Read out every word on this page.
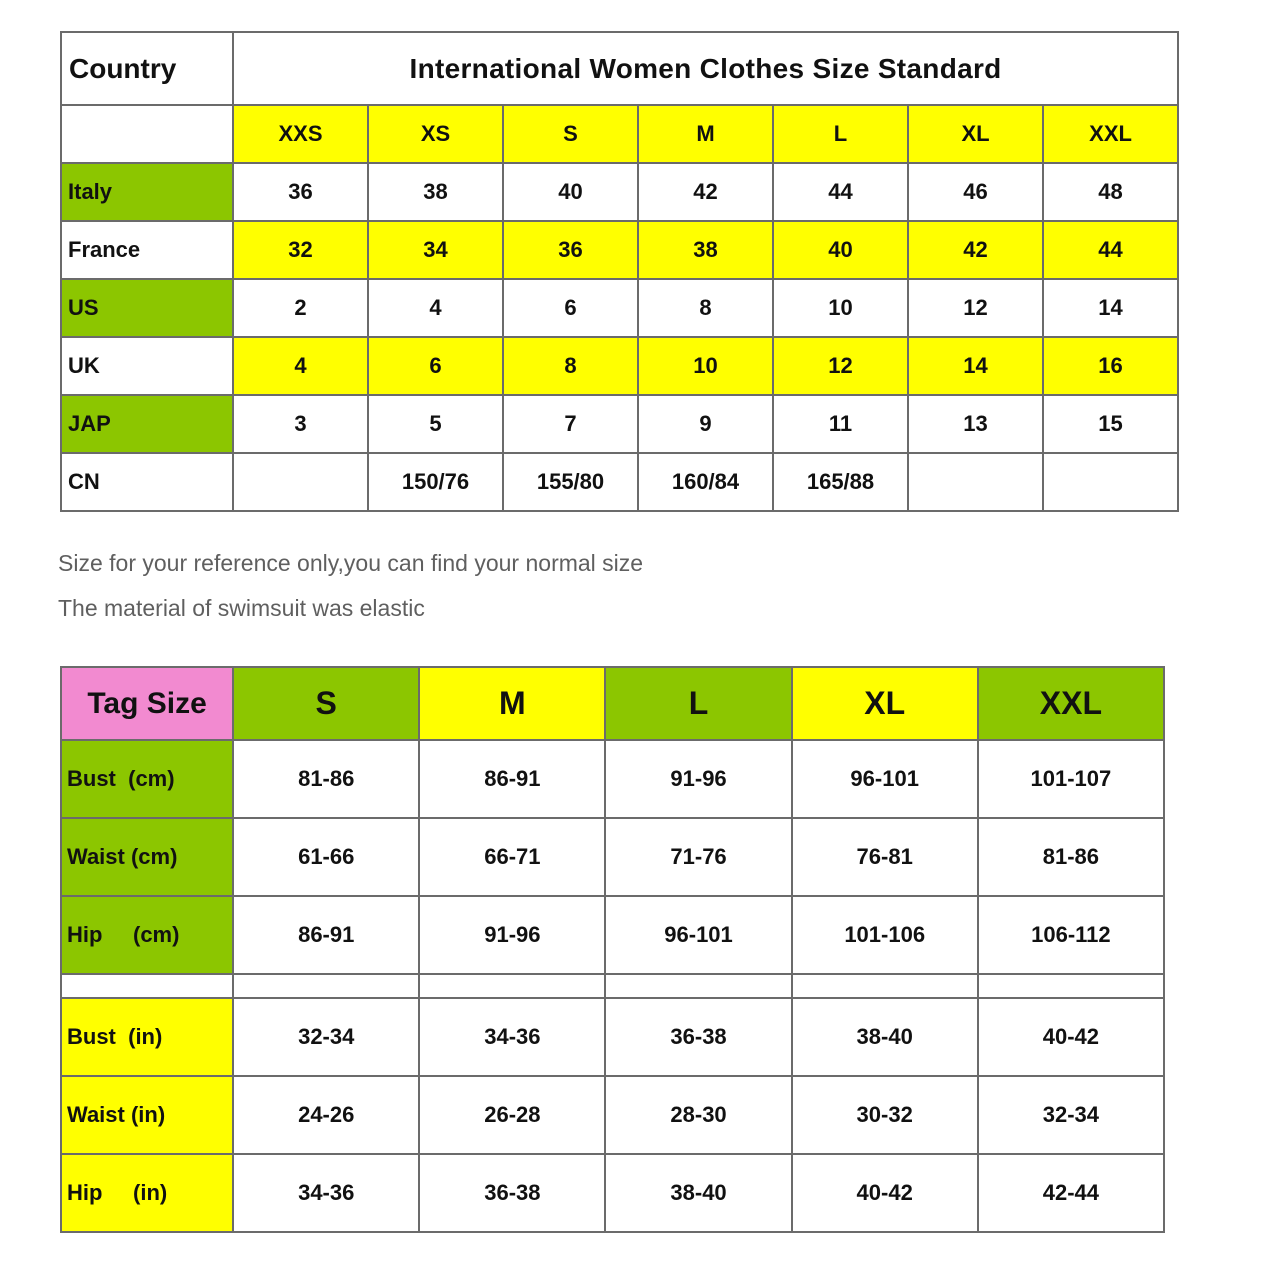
Country	International Women Clothes Size Standard						
	XXS	XS	S	M	L	XL	XXL
Italy	36	38	40	42	44	46	48
France	32	34	36	38	40	42	44
US	2	4	6	8	10	12	14
UK	4	6	8	10	12	14	16
JAP	3	5	7	9	11	13	15
CN		150/76	155/80	160/84	165/88		
Size for your reference only,you can find your normal size
The material of swimsuit was elastic
Tag Size	S	M	L	XL	XXL
Bust  (cm)	81-86	86-91	91-96	96-101	101-107
Waist (cm)	61-66	66-71	71-76	76-81	81-86
Hip     (cm)	86-91	91-96	96-101	101-106	106-112

Bust  (in)	32-34	34-36	36-38	38-40	40-42
Waist (in)	24-26	26-28	28-30	30-32	32-34
Hip     (in)	34-36	36-38	38-40	40-42	42-44
